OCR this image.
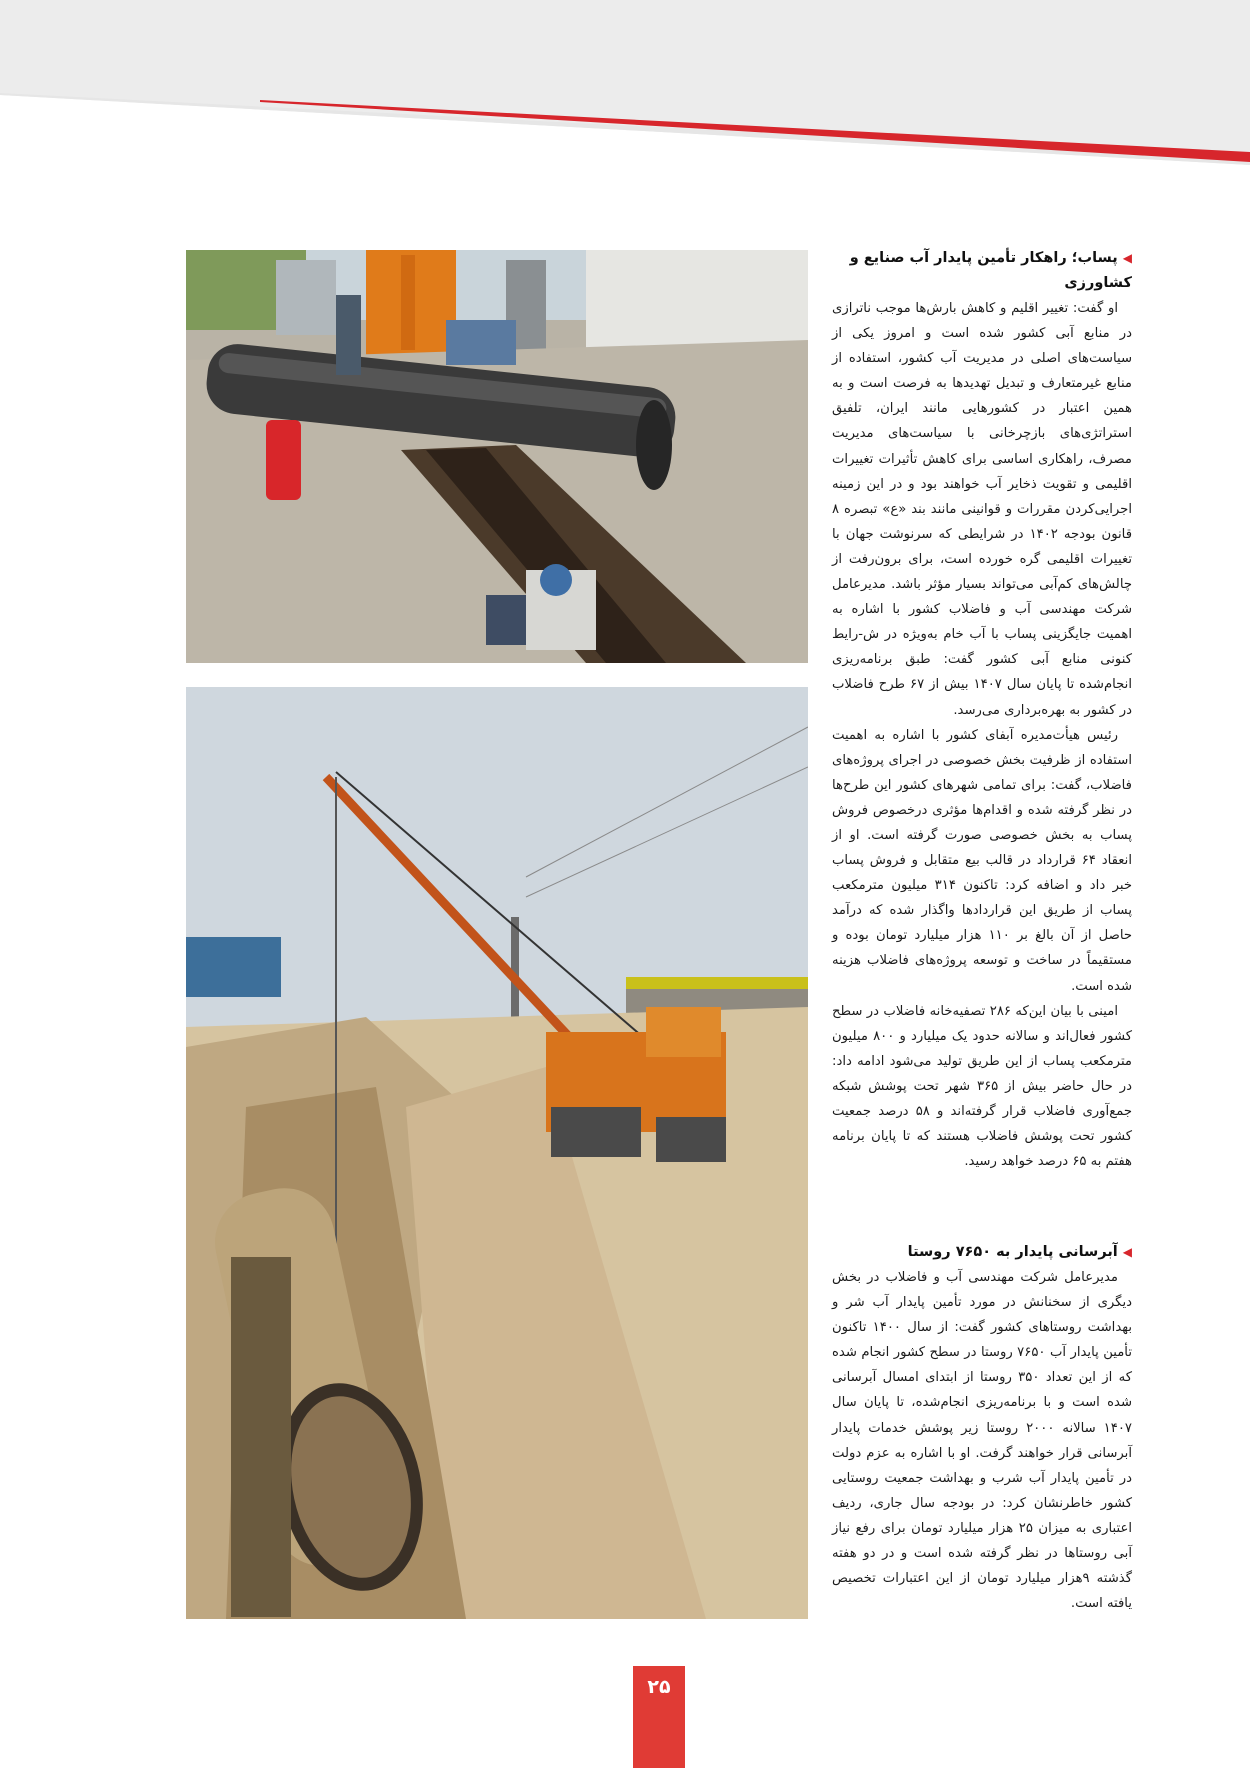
◀پساب؛ راهکار تأمین پایدار آب صنایع و کشاورزی

او گفت: تغییر اقلیم و کاهش بارش‌ها موجب ناترازی در منابع آبی کشور شده است و امروز یکی از سیاست‌های اصلی در مدیریت آب کشور، استفاده از منابع غیرمتعارف و تبدیل تهدیدها به فرصت است و به همین اعتبار در کشورهایی مانند ایران، تلفیق استراتژی‌های بازچرخانی با سیاست‌های مدیریت مصرف، راهکاری اساسی برای کاهش تأثیرات تغییرات اقلیمی و تقویت ذخایر آب خواهند بود و در این زمینه اجرایی‌کردن مقررات و قوانینی مانند بند «ع» تبصره ۸ قانون بودجه ۱۴۰۲ در شرایطی که سرنوشت جهان با تغییرات اقلیمی گره خورده است، برای برون‌رفت از چالش‌های کم‌آبی می‌تواند بسیار مؤثر باشد. مدیرعامل شرکت مهندسی آب و فاضلاب کشور با اشاره به اهمیت جایگزینی پساب با آب خام به‌ویژه در ش-رایط کنونی منابع آبی کشور گفت: طبق برنامه‌ریزی انجام‌شده تا پایان سال ۱۴۰۷ بیش از ۶۷ طرح فاضلاب در کشور به بهره‌برداری می‌رسد.

رئیس هیأت‌مدیره آبفای کشور با اشاره به اهمیت استفاده از ظرفیت بخش خصوصی در اجرای پروژه‌های فاضلاب، گفت: برای تمامی شهرهای کشور این طرح‌ها در نظر گرفته شده و اقدام‌ها مؤثری درخصوص فروش پساب به بخش خصوصی صورت گرفته است. او از انعقاد ۶۴ قرارداد در قالب بیع متقابل و فروش پساب خبر داد و اضافه کرد: تاکنون ۳۱۴ میلیون مترمکعب پساب از طریق این قراردادها واگذار شده که درآمد حاصل از آن بالغ بر ۱۱۰ هزار میلیارد تومان بوده و مستقیماً در ساخت و توسعه پروژه‌های فاضلاب هزینه شده است.

امینی با بیان این‌که ۲۸۶ تصفیه‌خانه فاضلاب در سطح کشور فعال‌اند و سالانه حدود یک میلیارد و ۸۰۰ میلیون مترمکعب پساب از این طریق تولید می‌شود ادامه داد: در حال حاضر بیش از ۳۶۵ شهر تحت پوشش شبکه جمع‌آوری فاضلاب قرار گرفته‌اند و ۵۸ درصد جمعیت کشور تحت پوشش فاضلاب هستند که تا پایان برنامه هفتم به ۶۵ درصد خواهد رسید.

◀آبرسانی پایدار به ۷۶۵۰ روستا

مدیرعامل شرکت مهندسی آب و فاضلاب در بخش دیگری از سخنانش در مورد تأمین پایدار آب شر و بهداشت روستاهای کشور گفت: از سال ۱۴۰۰ تاکنون تأمین پایدار آب ۷۶۵۰ روستا در سطح کشور انجام شده که از این تعداد ۳۵۰ روستا از ابتدای امسال آبرسانی شده است و با برنامه‌ریزی انجام‌شده، تا پایان سال ۱۴۰۷ سالانه ۲۰۰۰ روستا زیر پوشش خدمات پایدار آبرسانی قرار خواهند گرفت. او با اشاره به عزم دولت در تأمین پایدار آب شرب و بهداشت جمعیت روستایی کشور خاطرنشان کرد: در بودجه سال جاری، ردیف اعتباری به میزان ۲۵ هزار میلیارد تومان برای رفع نیاز آبی روستاها در نظر گرفته شده است و در دو هفته گذشته ۹هزار میلیارد تومان از این اعتبارات تخصیص یافته است.

۲۵
